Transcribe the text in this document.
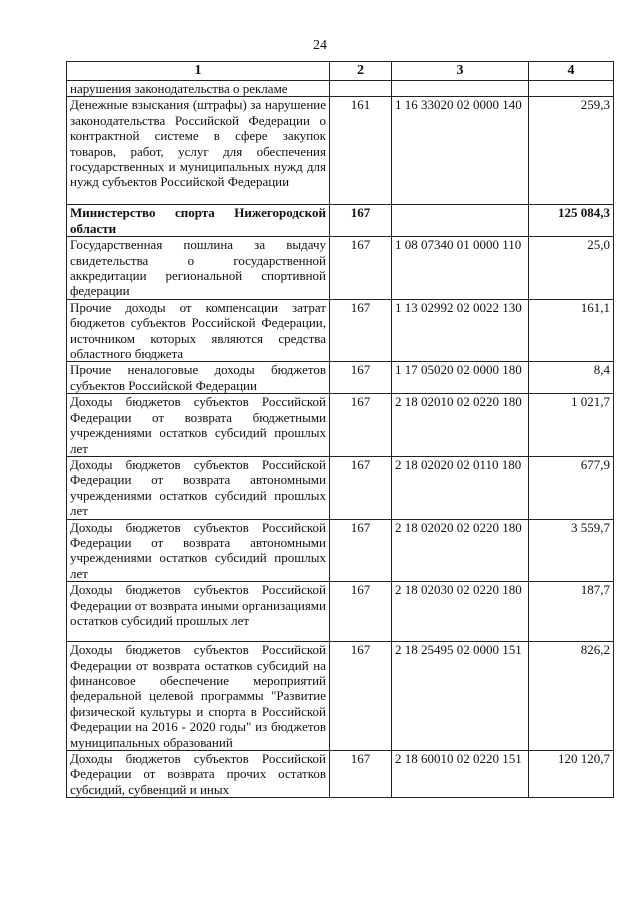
24
1	2	3	4
нарушения законодательства о рекламе			
Денежные взыскания (штрафы) за нарушение законодательства Российской Федерации о контрактной системе в сфере закупок товаров, работ, услуг для обеспечения государственных и муниципальных нужд для нужд субъектов Российской Федерации	161	1 16 33020 02 0000 140	259,3
Министерство спорта Нижегородской области	167		125 084,3
Государственная пошлина за выдачу свидетельства о государственной аккредитации региональной спортивной федерации	167	1 08 07340 01 0000 110	25,0
Прочие доходы от компенсации затрат бюджетов субъектов Российской Федерации, источником которых являются средства областного бюджета	167	1 13 02992 02 0022 130	161,1
Прочие неналоговые доходы бюджетов субъектов Российской Федерации	167	1 17 05020 02 0000 180	8,4
Доходы бюджетов субъектов Российской Федерации от возврата бюджетными учреждениями остатков субсидий прошлых лет	167	2 18 02010 02 0220 180	1 021,7
Доходы бюджетов субъектов Российской Федерации от возврата автономными учреждениями остатков субсидий прошлых лет	167	2 18 02020 02 0110 180	677,9
Доходы бюджетов субъектов Российской Федерации от возврата автономными учреждениями остатков субсидий прошлых лет	167	2 18 02020 02 0220 180	3 559,7
Доходы бюджетов субъектов Российской Федерации от возврата иными организациями остатков субсидий прошлых лет	167	2 18 02030 02 0220 180	187,7
Доходы бюджетов субъектов Российской Федерации от возврата остатков субсидий на финансовое обеспечение мероприятий федеральной целевой программы "Развитие физической культуры и спорта в Российской Федерации на 2016 - 2020 годы" из бюджетов муниципальных образований	167	2 18 25495 02 0000 151	826,2
Доходы бюджетов субъектов Российской Федерации от возврата прочих остатков субсидий, субвенций и иных	167	2 18 60010 02 0220 151	120 120,7
